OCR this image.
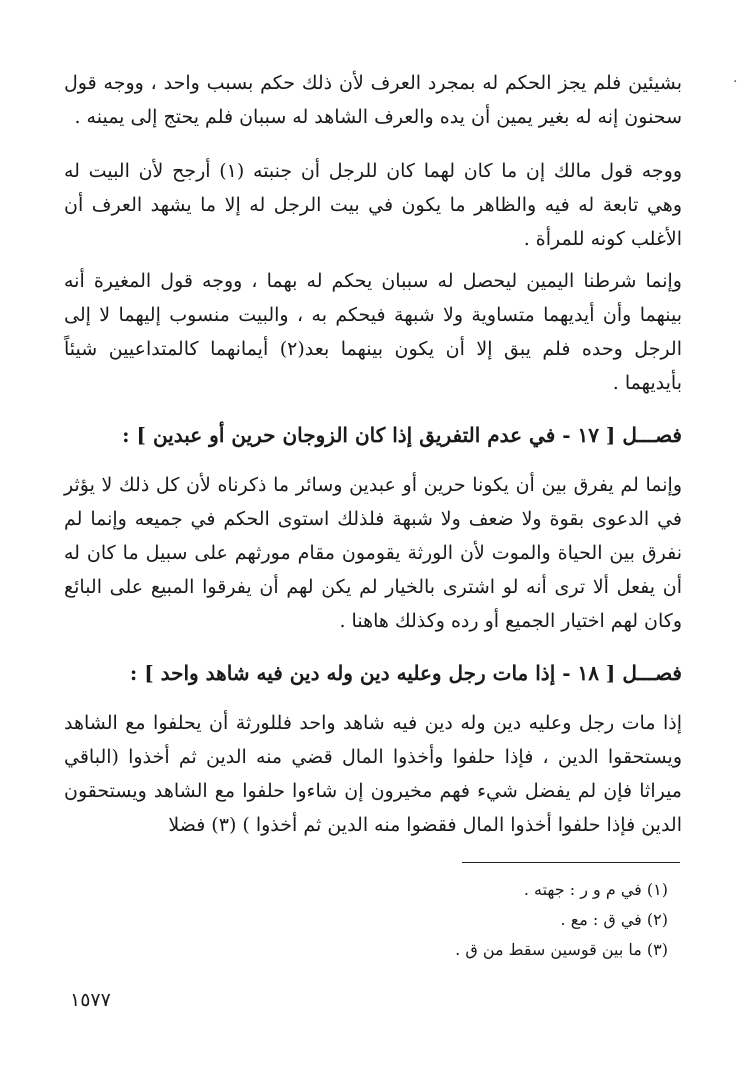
·
بشيئين فلم يجز الحكم له بمجرد العرف لأن ذلك حكم بسبب واحد ، ووجه قول سحنون إنه له بغير يمين أن يده والعرف الشاهد له سببان فلم يحتج إلى يمينه .
ووجه قول مالك إن ما كان لهما كان للرجل أن جنبته (١) أرجح لأن البيت له وهي تابعة له فيه والظاهر ما يكون في بيت الرجل له إلا ما يشهد العرف أن الأغلب كونه للمرأة .
وإنما شرطنا اليمين ليحصل له سببان يحكم له بهما ، ووجه قول المغيرة أنه بينهما وأن أيديهما متساوية ولا شبهة فيحكم به ، والبيت منسوب إليهما لا إلى الرجل وحده فلم يبق إلا أن يكون بينهما بعد(٢) أيمانهما كالمتداعيين شيئاً بأيديهما .
فصـــل [ ١٧ - في عدم التفريق إذا كان الزوجان حرين أو عبدين ] :
وإنما لم يفرق بين أن يكونا حرين أو عبدين وسائر ما ذكرناه لأن كل ذلك لا يؤثر في الدعوى بقوة ولا ضعف ولا شبهة فلذلك استوى الحكم في جميعه وإنما لم نفرق بين الحياة والموت لأن الورثة يقومون مقام مورثهم على سبيل ما كان له أن يفعل ألا ترى أنه لو اشترى بالخيار لم يكن لهم أن يفرقوا المبيع على البائع وكان لهم اختيار الجميع أو رده وكذلك هاهنا .
فصـــل [ ١٨ - إذا مات رجل وعليه دين وله دين فيه شاهد واحد ] :
إذا مات رجل وعليه دين وله دين فيه شاهد واحد فللورثة أن يحلفوا مع الشاهد ويستحقوا الدين ، فإذا حلفوا وأخذوا المال قضي منه الدين ثم أخذوا (الباقي ميراثا فإن لم يفضل شيء فهم مخيرون إن شاءوا حلفوا مع الشاهد ويستحقون الدين فإذا حلفوا أخذوا المال فقضوا منه الدين ثم أخذوا ) (٣) فضلا
(١) في م و ر : جهته .
(٢) في ق : مع .
(٣) ما بين قوسين سقط من ق .
١٥٧٧
